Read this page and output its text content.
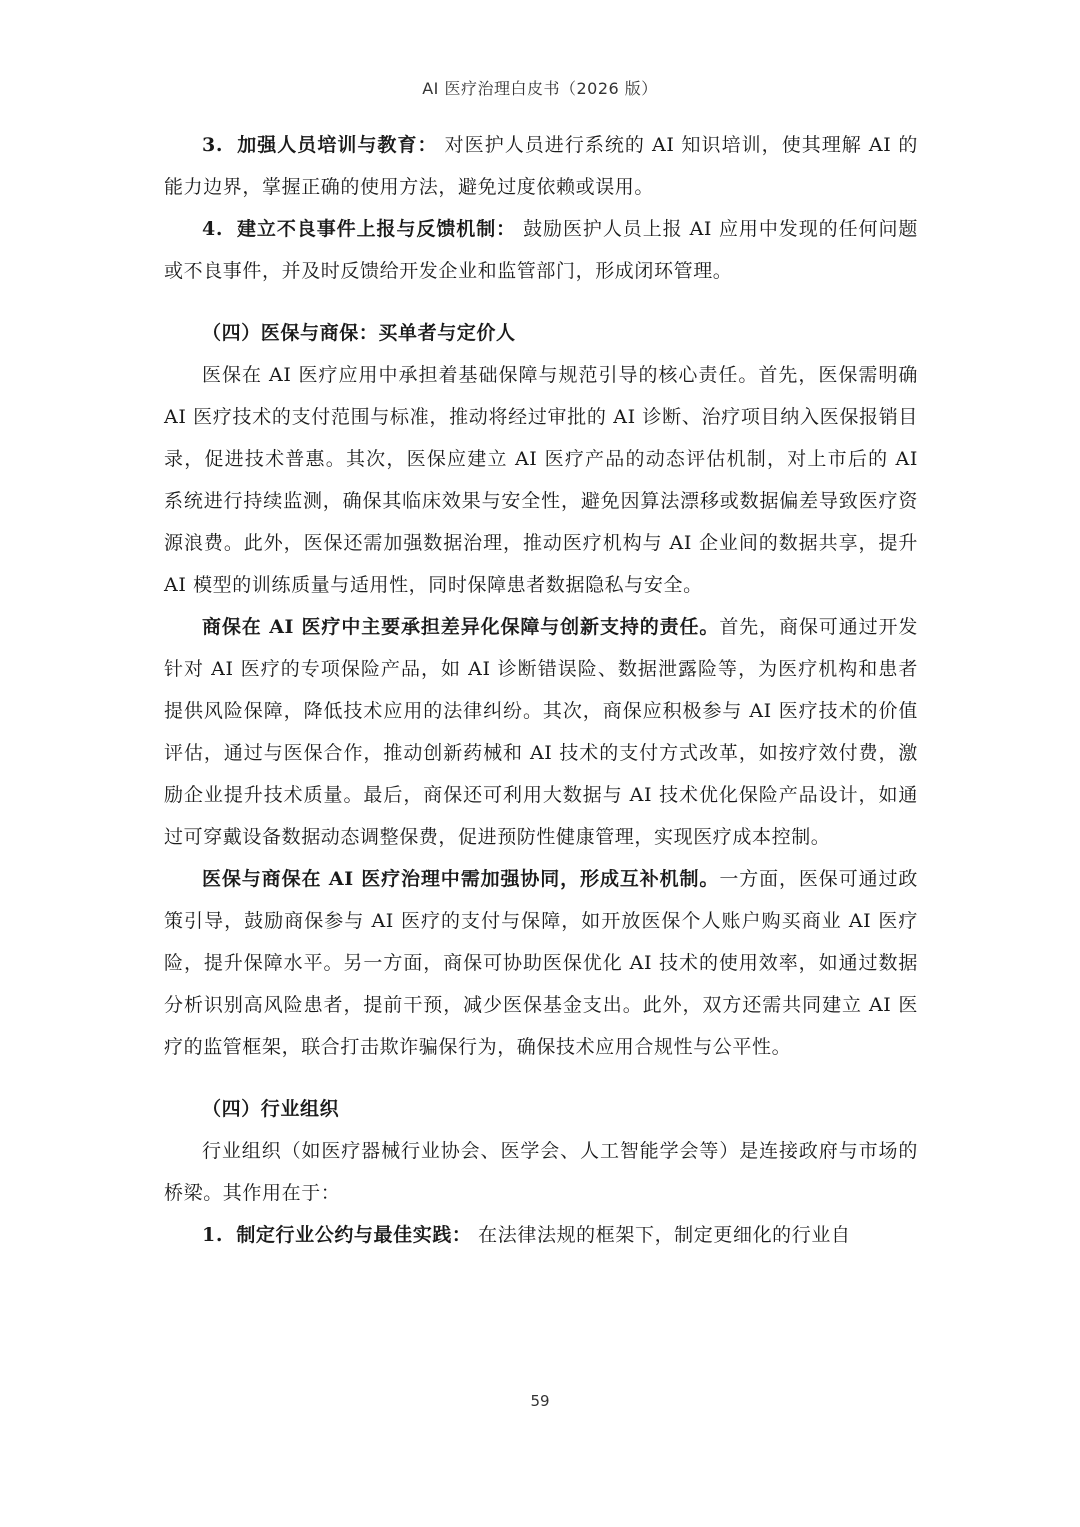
AI 医疗治理白皮书（2026 版）

3. 加强人员培训与教育： 对医护人员进行系统的 AI 知识培训，使其理解 AI 的能力边界，掌握正确的使用方法，避免过度依赖或误用。

4. 建立不良事件上报与反馈机制： 鼓励医护人员上报 AI 应用中发现的任何问题或不良事件，并及时反馈给开发企业和监管部门，形成闭环管理。

（四）医保与商保：买单者与定价人

医保在 AI 医疗应用中承担着基础保障与规范引导的核心责任。首先，医保需明确 AI 医疗技术的支付范围与标准，推动将经过审批的 AI 诊断、治疗项目纳入医保报销目录，促进技术普惠。其次，医保应建立 AI 医疗产品的动态评估机制，对上市后的 AI 系统进行持续监测，确保其临床效果与安全性，避免因算法漂移或数据偏差导致医疗资源浪费。此外，医保还需加强数据治理，推动医疗机构与 AI 企业间的数据共享，提升 AI 模型的训练质量与适用性，同时保障患者数据隐私与安全。

商保在 AI 医疗中主要承担差异化保障与创新支持的责任。首先，商保可通过开发针对 AI 医疗的专项保险产品，如 AI 诊断错误险、数据泄露险等，为医疗机构和患者提供风险保障，降低技术应用的法律纠纷。其次，商保应积极参与 AI 医疗技术的价值评估，通过与医保合作，推动创新药械和 AI 技术的支付方式改革，如按疗效付费，激励企业提升技术质量。最后，商保还可利用大数据与 AI 技术优化保险产品设计，如通过可穿戴设备数据动态调整保费，促进预防性健康管理，实现医疗成本控制。

医保与商保在 AI 医疗治理中需加强协同，形成互补机制。一方面，医保可通过政策引导，鼓励商保参与 AI 医疗的支付与保障，如开放医保个人账户购买商业 AI 医疗险，提升保障水平。另一方面，商保可协助医保优化 AI 技术的使用效率，如通过数据分析识别高风险患者，提前干预，减少医保基金支出。此外，双方还需共同建立 AI 医疗的监管框架，联合打击欺诈骗保行为，确保技术应用合规性与公平性。

（四）行业组织

行业组织（如医疗器械行业协会、医学会、人工智能学会等）是连接政府与市场的桥梁。其作用在于：

1. 制定行业公约与最佳实践： 在法律法规的框架下，制定更细化的行业自

59
